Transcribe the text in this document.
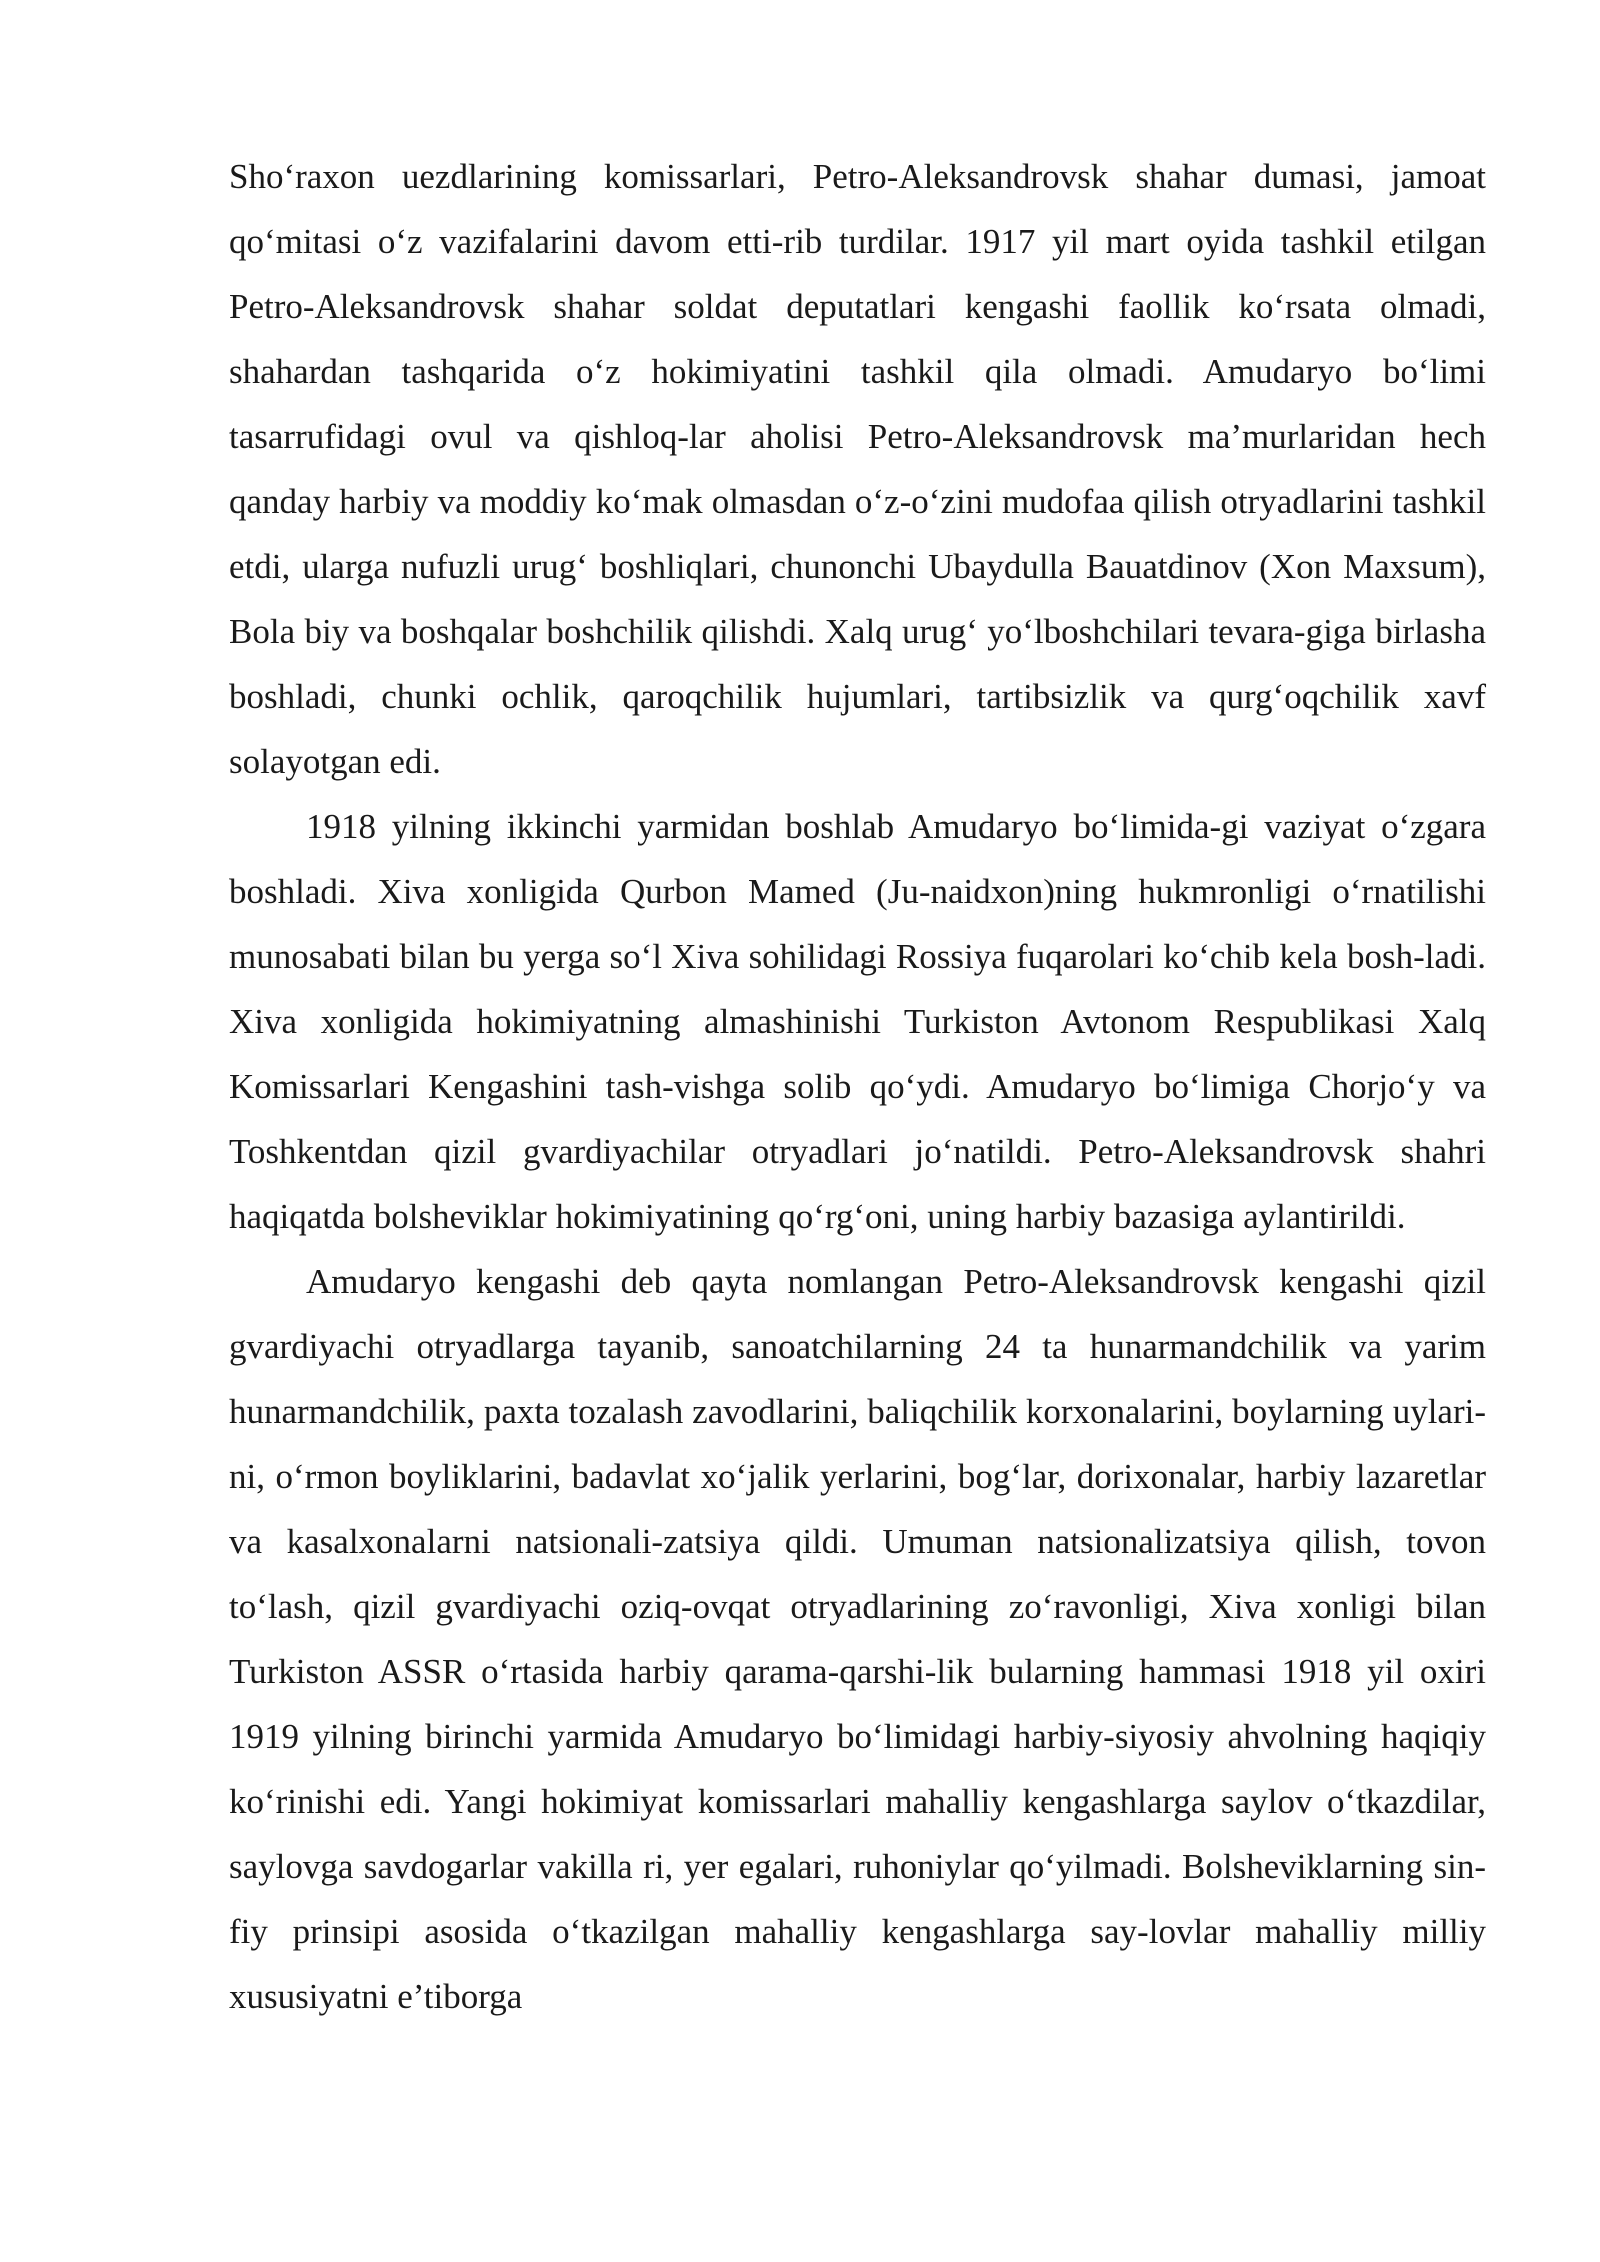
Sho‘raxon uezdlarining komissarlari, Petro-Aleksandrovsk shahar dumasi, jamoat qo‘mitasi o‘z vazifalarini davom etti-rib turdilar. 1917 yil mart oyida tashkil etilgan Petro-Aleksandrovsk shahar soldat deputatlari kengashi faollik ko‘rsata olmadi, shahardan tashqarida o‘z hokimiyatini tashkil qila olmadi. Amudaryo bo‘limi tasarrufidagi ovul va qishloq-lar aholisi Petro-Aleksandrovsk ma’murlaridan hech qanday harbiy va moddiy ko‘mak olmasdan o‘z-o‘zini mudofaa qilish otryadlarini tashkil etdi, ularga nufuzli urug‘ boshliqlari, chunonchi Ubaydulla Bauatdinov (Xon Maxsum), Bola biy va boshqalar boshchilik qilishdi. Xalq urug‘ yo‘lboshchilari tevara-giga birlasha boshladi, chunki ochlik, qaroqchilik hujumlari, tartibsizlik va qurg‘oqchilik xavf solayotgan edi.

1918 yilning ikkinchi yarmidan boshlab Amudaryo bo‘limida-gi vaziyat o‘zgara boshladi. Xiva xonligida Qurbon Mamed (Ju-naidxon)ning hukmronligi o‘rnatilishi munosabati bilan bu yerga so‘l Xiva sohilidagi Rossiya fuqarolari ko‘chib kela bosh-ladi. Xiva xonligida hokimiyatning almashinishi Turkiston Avtonom Respublikasi Xalq Komissarlari Kengashini tash-vishga solib qo‘ydi. Amudaryo bo‘limiga Chorjo‘y va Toshkentdan qizil gvardiyachilar otryadlari jo‘natildi. Petro-Aleksandrovsk shahri haqiqatda bolsheviklar hokimiyatining qo‘rg‘oni, uning harbiy bazasiga aylantirildi.

Amudaryo kengashi deb qayta nomlangan Petro-Aleksandrovsk kengashi qizil gvardiyachi otryadlarga tayanib, sanoatchilarning 24 ta hunarmandchilik va yarim hunarmandchilik, paxta tozalash zavodlarini, baliqchilik korxonalarini, boylarning uylari-ni, o‘rmon boyliklarini, badavlat xo‘jalik yerlarini, bog‘lar, dorixonalar, harbiy lazaretlar va kasalxonalarni natsionali-zatsiya qildi. Umuman natsionalizatsiya qilish, tovon to‘lash, qizil gvardiyachi oziq-ovqat otryadlarining zo‘ravonligi, Xiva xonligi bilan Turkiston ASSR o‘rtasida harbiy qarama-qarshi-lik bularning hammasi 1918 yil oxiri 1919 yilning birinchi yarmida Amudaryo bo‘limidagi harbiy-siyosiy ahvolning haqiqiy ko‘rinishi edi. Yangi hokimiyat komissarlari mahalliy kengashlarga saylov o‘tkazdilar, saylovga savdogarlar vakilla ri, yer egalari, ruhoniylar qo‘yilmadi. Bolsheviklarning sin-fiy prinsipi asosida o‘tkazilgan mahalliy kengashlarga say-lovlar mahalliy milliy xususiyatni e’tiborga
